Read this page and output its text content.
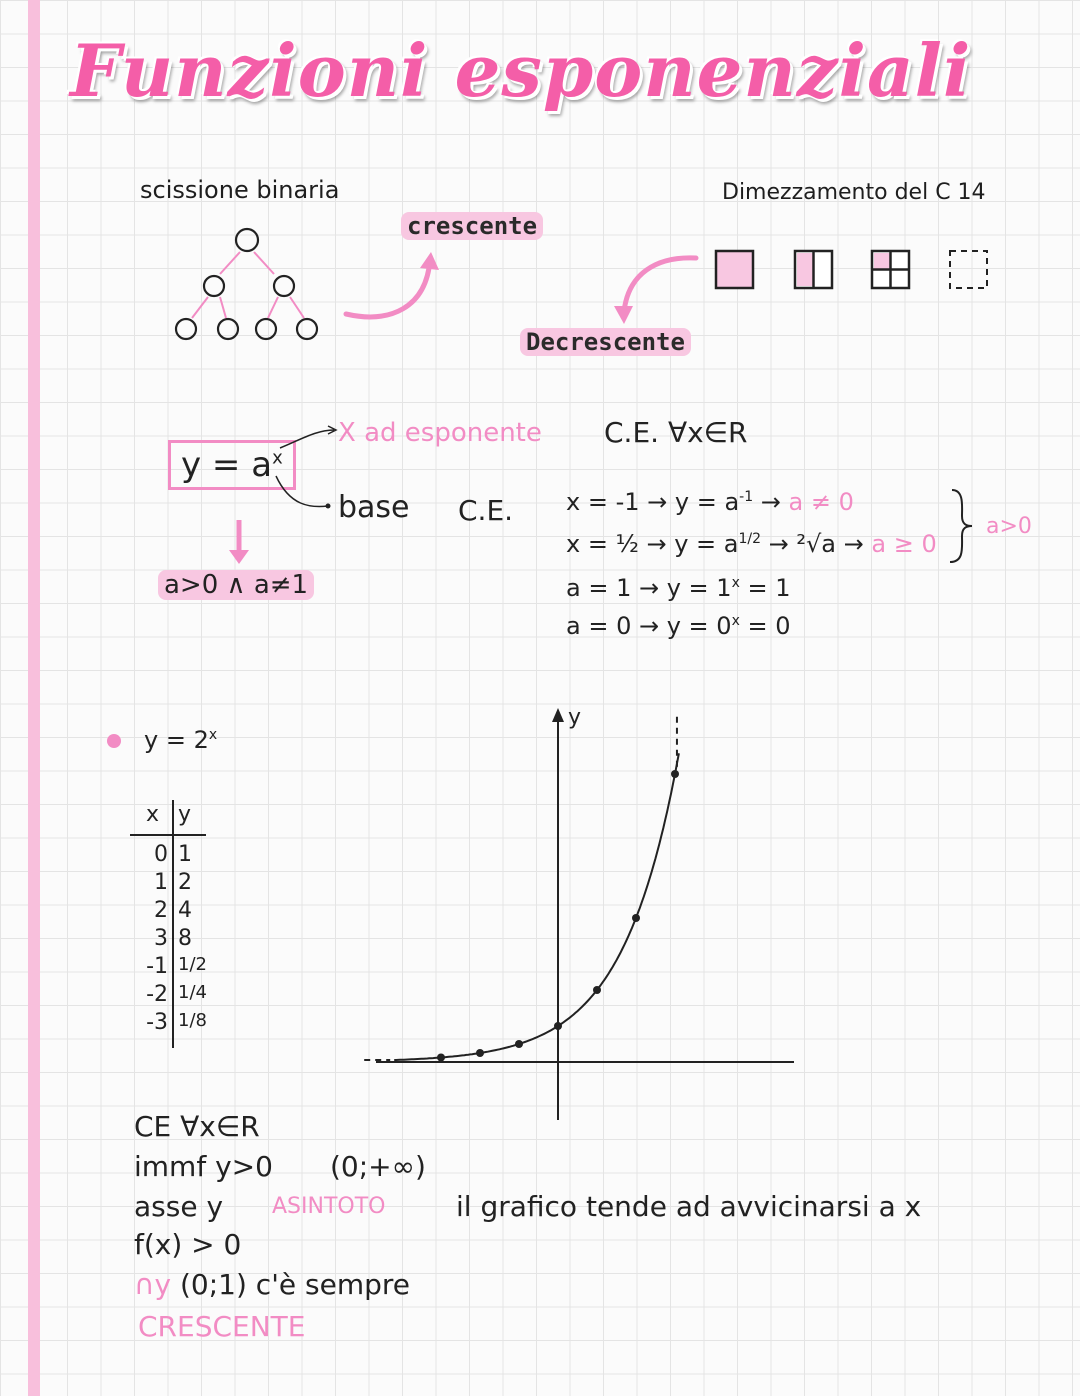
Funzioni esponenziali
scissione binaria	Dimezzamento del C 14
crescente
Decrescente
$y = a^x$
X ad esponente
base
a>0 ∧ a≠1
C.E. ∀x∈R
C.E. $x = -1 \to y = a^{-1} \to a \ne 0$
x = ½ → $y = a^{1/2} \to ^2√a \to a \ge 0$
$a = 1 \to y = 1^x = 1$
$a = 0 \to y = 0^x = 0$
a>0
$y = 2^x$
x y
0 1
1 2
2 4
3 8
-1 1/2
-2 1/4
-3 1/8
y
CE ∀x∈R
immf y>0 (0;+∞)
asse y ASINTOTO	il grafico tende ad avvicinarsi a x
f(x) > 0
∩y (0;1) c'è sempre
CRESCENTE
